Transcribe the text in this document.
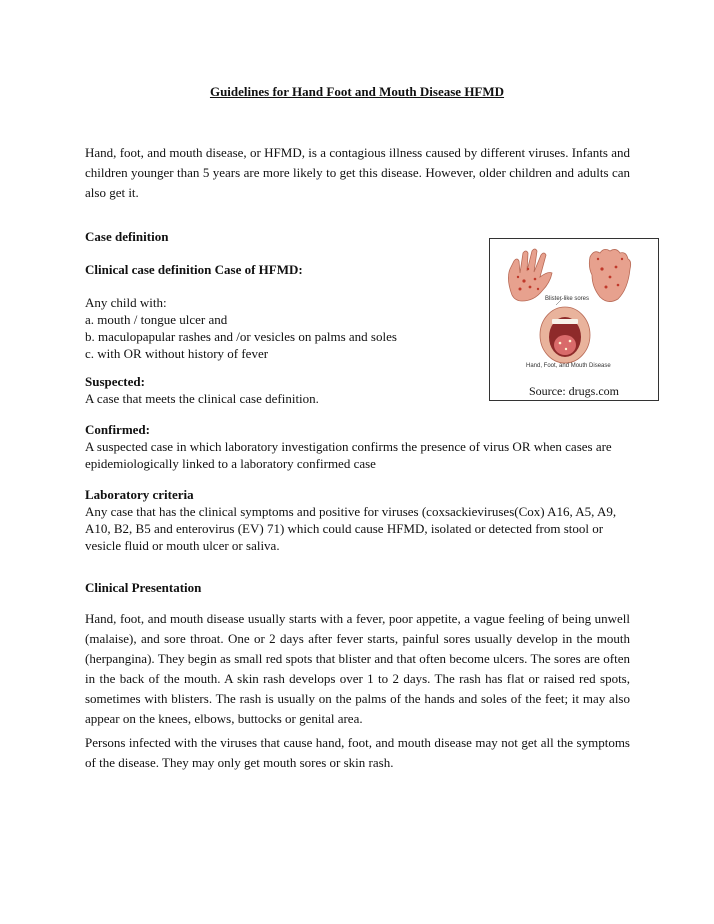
Guidelines for Hand Foot and Mouth Disease HFMD
Hand, foot, and mouth disease, or HFMD, is a contagious illness caused by different viruses. Infants and children younger than 5 years are more likely to get this disease. However, older children and adults can also get it.
Case definition
Clinical case definition Case of HFMD:
Any child with:
a. mouth / tongue ulcer and
b. maculopapular rashes and /or vesicles on palms and soles
c. with OR without history of fever
Suspected:
A case that meets the clinical case definition.
Confirmed:
A suspected case in which laboratory investigation confirms the presence of virus OR when cases are epidemiologically linked to a laboratory confirmed case
Laboratory criteria
Any case that has the clinical symptoms and positive for viruses (coxsackieviruses(Cox) A16, A5, A9, A10, B2, B5 and enterovirus (EV) 71) which could cause HFMD, isolated or detected from stool or vesicle fluid or mouth ulcer or saliva.
Clinical Presentation
Hand, foot, and mouth disease usually starts with a fever, poor appetite, a vague feeling of being unwell (malaise), and sore throat. One or 2 days after fever starts, painful sores usually develop in the mouth (herpangina). They begin as small red spots that blister and that often become ulcers. The sores are often in the back of the mouth. A skin rash develops over 1 to 2 days. The rash has flat or raised red spots, sometimes with blisters. The rash is usually on the palms of the hands and soles of the feet; it may also appear on the knees, elbows, buttocks or genital area.
Persons infected with the viruses that cause hand, foot, and mouth disease may not get all the symptoms of the disease. They may only get mouth sores or skin rash.
Blister-like sores
Hand, Foot, and Mouth Disease
Source: drugs.com
